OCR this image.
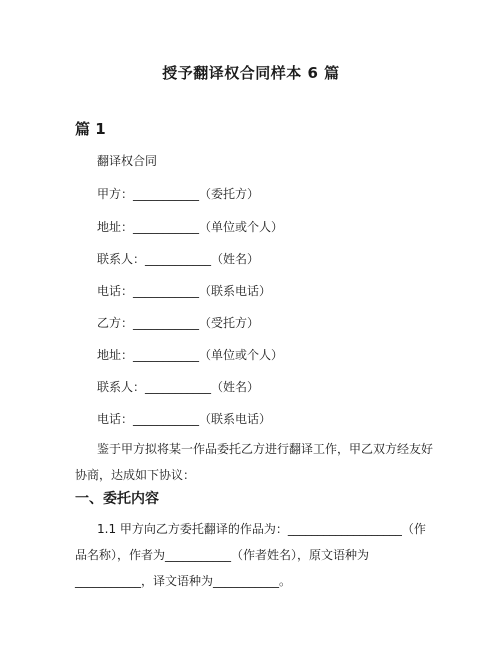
授予翻译权合同样本 6 篇
篇 1
翻译权合同
甲方：___________（委托方）
地址：___________（单位或个人）
联系人：___________（姓名）
电话：___________（联系电话）
乙方：___________（受托方）
地址：___________（单位或个人）
联系人：___________（姓名）
电话：___________（联系电话）
鉴于甲方拟将某一作品委托乙方进行翻译工作，甲乙双方经友好协商，达成如下协议：
一、委托内容
1.1 甲方向乙方委托翻译的作品为：___________________（作品名称），作者为___________（作者姓名），原文语种为___________，译文语种为___________。
